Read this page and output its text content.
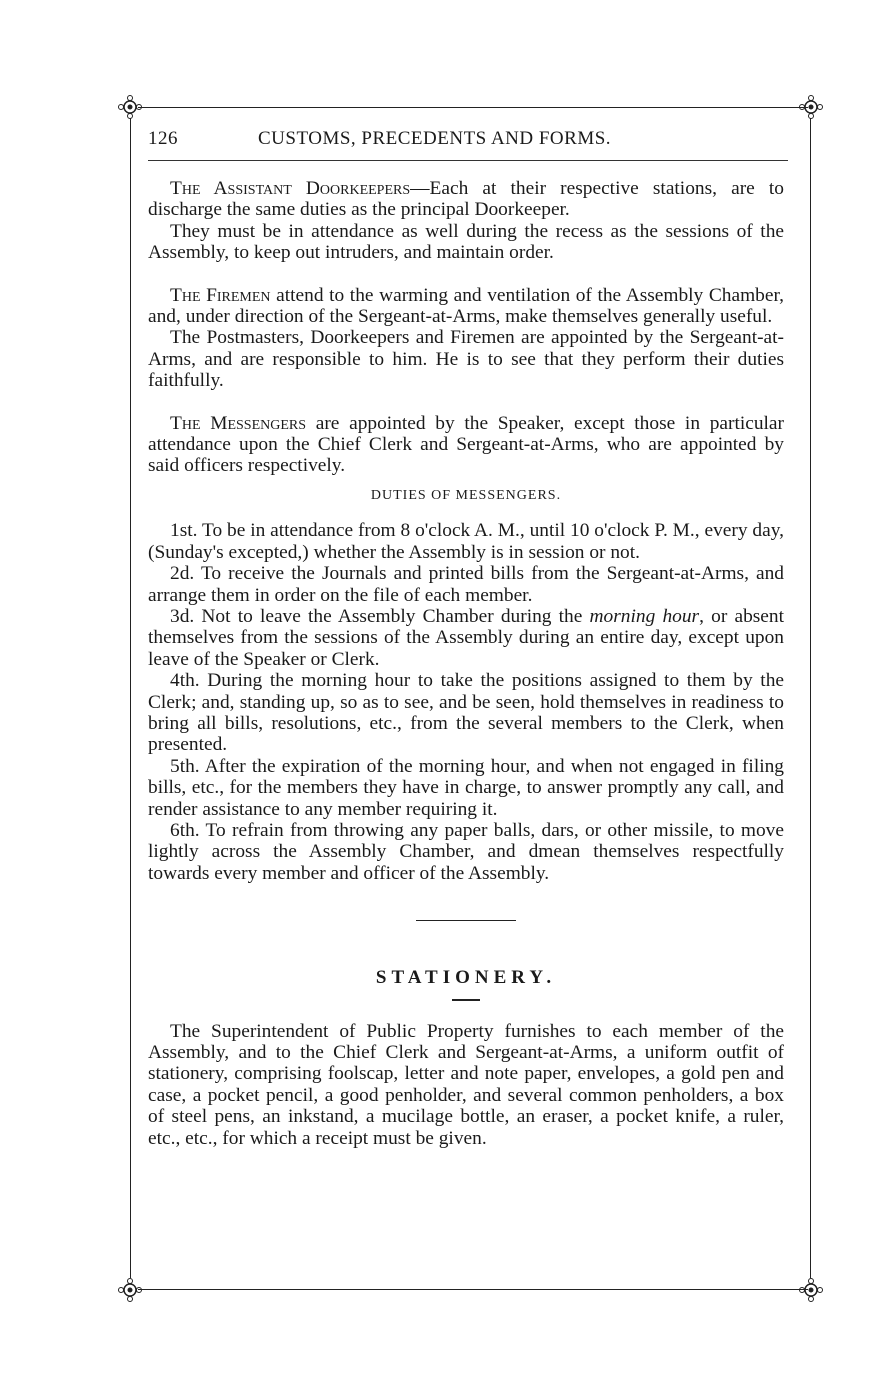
126	CUSTOMS, PRECEDENTS AND FORMS.

The Assistant Doorkeepers—Each at their respective stations, are to discharge the same duties as the principal Doorkeeper.

They must be in attendance as well during the recess as the sessions of the Assembly, to keep out intruders, and maintain order.

The Firemen attend to the warming and ventilation of the Assembly Chamber, and, under direction of the Sergeant-at-Arms, make themselves generally useful.

The Postmasters, Doorkeepers and Firemen are appointed by the Sergeant-at-Arms, and are responsible to him. He is to see that they perform their duties faithfully.

The Messengers are appointed by the Speaker, except those in particular attendance upon the Chief Clerk and Sergeant-at-Arms, who are appointed by said officers respectively.

DUTIES OF MESSENGERS.

1st. To be in attendance from 8 o'clock A. M., until 10 o'clock P. M., every day, (Sunday's excepted,) whether the Assembly is in session or not.

2d. To receive the Journals and printed bills from the Sergeant-at-Arms, and arrange them in order on the file of each member.

3d. Not to leave the Assembly Chamber during the morning hour, or absent themselves from the sessions of the Assembly during an entire day, except upon leave of the Speaker or Clerk.

4th. During the morning hour to take the positions assigned to them by the Clerk; and, standing up, so as to see, and be seen, hold themselves in readiness to bring all bills, resolutions, etc., from the several members to the Clerk, when presented.

5th. After the expiration of the morning hour, and when not engaged in filing bills, etc., for the members they have in charge, to answer promptly any call, and render assistance to any member requiring it.

6th. To refrain from throwing any paper balls, dars, or other missile, to move lightly across the Assembly Chamber, and dmean themselves respectfully towards every member and officer of the Assembly.

STATIONERY.

The Superintendent of Public Property furnishes to each member of the Assembly, and to the Chief Clerk and Sergeant-at-Arms, a uniform outfit of stationery, comprising foolscap, letter and note paper, envelopes, a gold pen and case, a pocket pencil, a good penholder, and several common penholders, a box of steel pens, an inkstand, a mucilage bottle, an eraser, a pocket knife, a ruler, etc., etc., for which a receipt must be given.
